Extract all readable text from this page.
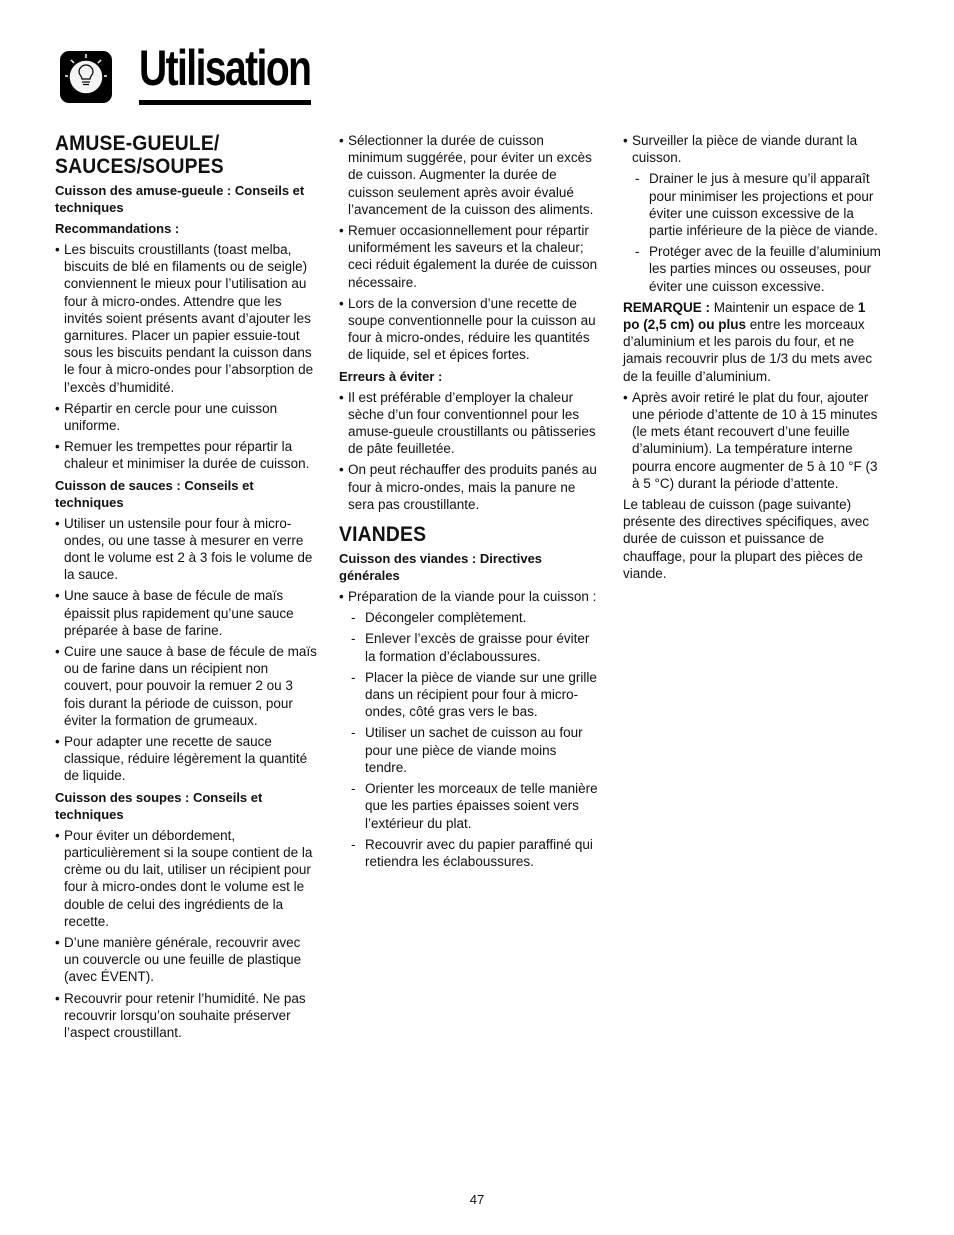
Utilisation
AMUSE-GUEULE/ SAUCES/SOUPES
Cuisson des amuse-gueule : Conseils et techniques
Recommandations :
• Les biscuits croustillants (toast melba, biscuits de blé en filaments ou de seigle) conviennent le mieux pour l’utilisation au four à micro-ondes. Attendre que les invités soient présents avant d’ajouter les garnitures. Placer un papier essuie-tout sous les biscuits pendant la cuisson dans le four à micro-ondes pour l’absorption de l’excès d’humidité.
• Répartir en cercle pour une cuisson uniforme.
• Remuer les trempettes pour répartir la chaleur et minimiser la durée de cuisson.
Cuisson de sauces : Conseils et techniques
• Utiliser un ustensile pour four à micro-ondes, ou une tasse à mesurer en verre dont le volume est 2 à 3 fois le volume de la sauce.
• Une sauce à base de fécule de maïs épaissit plus rapidement qu’une sauce préparée à base de farine.
• Cuire une sauce à base de fécule de maïs ou de farine dans un récipient non couvert, pour pouvoir la remuer 2 ou 3 fois durant la période de cuisson, pour éviter la formation de grumeaux.
• Pour adapter une recette de sauce classique, réduire légèrement la quantité de liquide.
Cuisson des soupes : Conseils et techniques
• Pour éviter un débordement, particulièrement si la soupe contient de la crème ou du lait, utiliser un récipient pour four à micro-ondes dont le volume est le double de celui des ingrédients de la recette.
• D’une manière générale, recouvrir avec un couvercle ou une feuille de plastique (avec ÉVENT).
• Recouvrir pour retenir l’humidité. Ne pas recouvrir lorsqu’on souhaite préserver l’aspect croustillant.
• Sélectionner la durée de cuisson minimum suggérée, pour éviter un excès de cuisson. Augmenter la durée de cuisson seulement après avoir évalué l’avancement de la cuisson des aliments.
• Remuer occasionnellement pour répartir uniformément les saveurs et la chaleur; ceci réduit également la durée de cuisson nécessaire.
• Lors de la conversion d’une recette de soupe conventionnelle pour la cuisson au four à micro-ondes, réduire les quantités de liquide, sel et épices fortes.
Erreurs à éviter :
• Il est préférable d’employer la chaleur sèche d’un four conventionnel pour les amuse-gueule croustillants ou pâtisseries de pâte feuilletée.
• On peut réchauffer des produits panés au four à micro-ondes, mais la panure ne sera pas croustillante.
VIANDES
Cuisson des viandes : Directives générales
• Préparation de la viande pour la cuisson :
- Décongeler complètement.
- Enlever l’excès de graisse pour éviter la formation d’éclaboussures.
- Placer la pièce de viande sur une grille dans un récipient pour four à micro-ondes, côté gras vers le bas.
- Utiliser un sachet de cuisson au four pour une pièce de viande moins tendre.
- Orienter les morceaux de telle manière que les parties épaisses soient vers l’extérieur du plat.
- Recouvrir avec du papier paraffiné qui retiendra les éclaboussures.
• Surveiller la pièce de viande durant la cuisson.
- Drainer le jus à mesure qu’il apparaît pour minimiser les projections et pour éviter une cuisson excessive de la partie inférieure de la pièce de viande.
- Protéger avec de la feuille d’aluminium les parties minces ou osseuses, pour éviter une cuisson excessive.

REMARQUE : Maintenir un espace de 1 po (2,5 cm) ou plus entre les morceaux d’aluminium et les parois du four, et ne jamais recouvrir plus de 1/3 du mets avec de la feuille d’aluminium.

• Après avoir retiré le plat du four, ajouter une période d’attente de 10 à 15 minutes (le mets étant recouvert d’une feuille d’aluminium). La température interne pourra encore augmenter de 5 à 10 °F (3 à 5 °C) durant la période d’attente.

Le tableau de cuisson (page suivante) présente des directives spécifiques, avec durée de cuisson et puissance de chauffage, pour la plupart des pièces de viande.

47
